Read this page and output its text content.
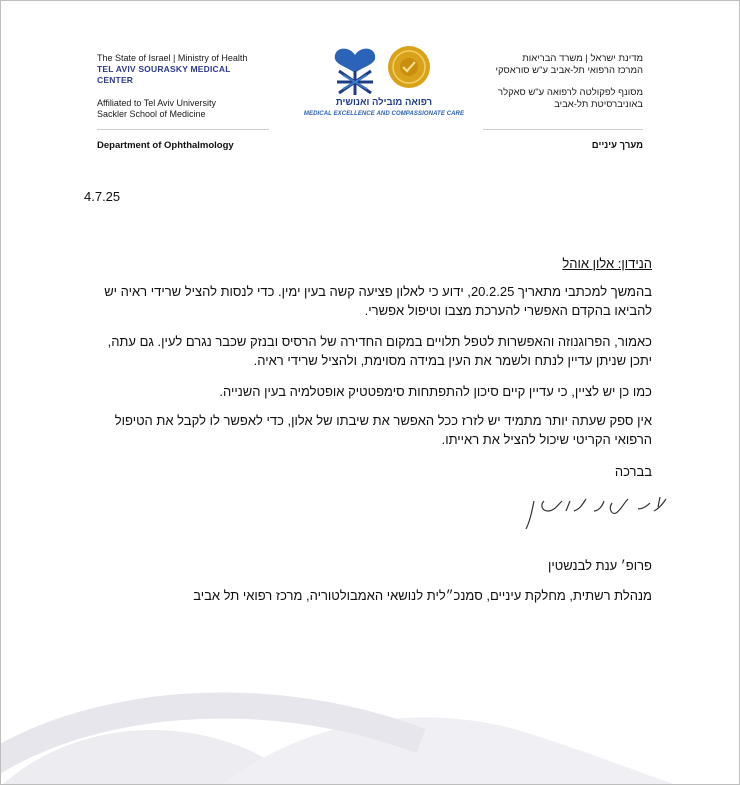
The State of Israel | Ministry of Health
TEL AVIV SOURASKY MEDICAL CENTER
Affiliated to Tel Aviv University
Sackler School of Medicine
רפואה מובילה ואנושית
MEDICAL EXCELLENCE AND COMPASSIONATE CARE
מדינת ישראל | משרד הבריאות
המרכז הרפואי תל-אביב ע"ש סוראסקי
מסונף לפקולטה לרפואה ע"ש סאקלר
באוניברסיטת תל-אביב
Department of Ophthalmology	מערך עיניים
4.7.25
הנידון: אלון אוהל
בהמשך למכתבי מתאריך 20.2.25, ידוע כי לאלון פציעה קשה בעין ימין. כדי לנסות להציל שרידי ראיה יש
להביאו בהקדם האפשרי להערכת מצבו וטיפול אפשרי.
כאמור, הפרוגנוזה והאפשרות לטפל תלויים במקום החדירה של הרסיס ובנזק שכבר נגרם לעין. גם עתה,
יתכן שניתן עדיין לנתח ולשמר את העין במידה מסוימת, ולהציל שרידי ראיה.
כמו כן יש לציין, כי עדיין קיים סיכון להתפתחות סימפטטיק אופטלמיה בעין השנייה.
אין ספק שעתה יותר מתמיד יש לזרז ככל האפשר את שיבתו של אלון, כדי לאפשר לו לקבל את הטיפול
הרפואי הקריטי שיכול להציל את ראייתו.
בברכה
פרופ׳ ענת לבנשטין
מנהלת רשתית, מחלקת עיניים, סמנכ״לית לנושאי האמבולטוריה, מרכז רפואי תל אביב
